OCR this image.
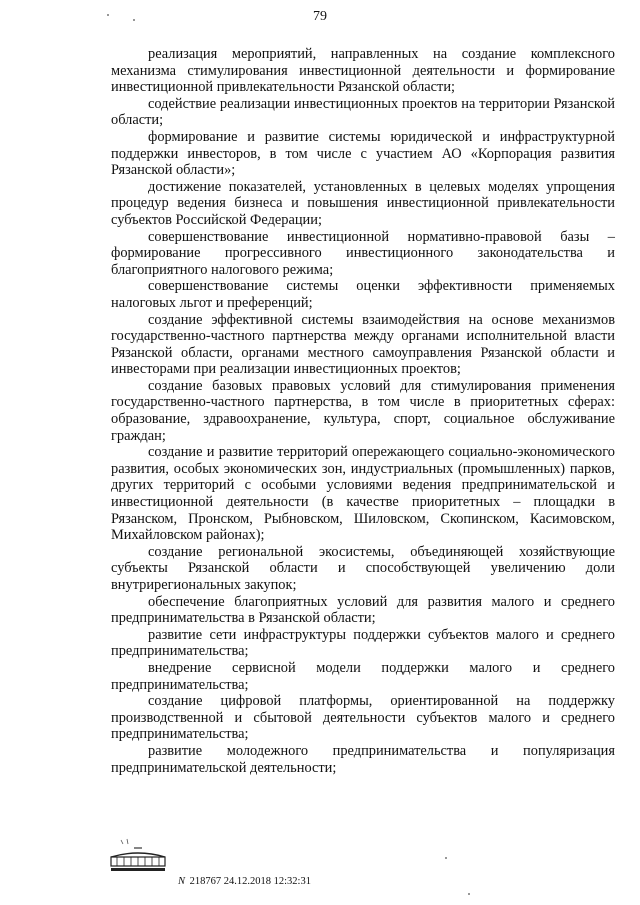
79

реализация мероприятий, направленных на создание комплексного механизма стимулирования инвестиционной деятельности и формирование инвестиционной привлекательности Рязанской области;

содействие реализации инвестиционных проектов на территории Рязанской области;

формирование и развитие системы юридической и инфраструктурной поддержки инвесторов, в том числе с участием АО «Корпорация развития Рязанской области»;

достижение показателей, установленных в целевых моделях упрощения процедур ведения бизнеса и повышения инвестиционной привлекательности субъектов Российской Федерации;

совершенствование инвестиционной нормативно-правовой базы – формирование прогрессивного инвестиционного законодательства и благоприятного налогового режима;

совершенствование системы оценки эффективности применяемых налоговых льгот и преференций;

создание эффективной системы взаимодействия на основе механизмов государственно-частного партнерства между органами исполнительной власти Рязанской области, органами местного самоуправления Рязанской области и инвесторами при реализации инвестиционных проектов;

создание базовых правовых условий для стимулирования применения государственно-частного партнерства, в том числе в приоритетных сферах: образование, здравоохранение, культура, спорт, социальное обслуживание граждан;

создание и развитие территорий опережающего социально-экономического развития, особых экономических зон, индустриальных (промышленных) парков, других территорий с особыми условиями ведения предпринимательской и инвестиционной деятельности (в качестве приоритетных – площадки в Рязанском, Пронском, Рыбновском, Шиловском, Скопинском, Касимовском, Михайловском районах);

создание региональной экосистемы, объединяющей хозяйствующие субъекты Рязанской области и способствующей увеличению доли внутрирегиональных закупок;

обеспечение благоприятных условий для развития малого и среднего предпринимательства в Рязанской области;

развитие сети инфраструктуры поддержки субъектов малого и среднего предпринимательства;

внедрение сервисной модели поддержки малого и среднего предпринимательства;

создание цифровой платформы, ориентированной на поддержку производственной и сбытовой деятельности субъектов малого и среднего предпринимательства;

развитие молодежного предпринимательства и популяризация предпринимательской деятельности;

N 218767 24.12.2018 12:32:31
